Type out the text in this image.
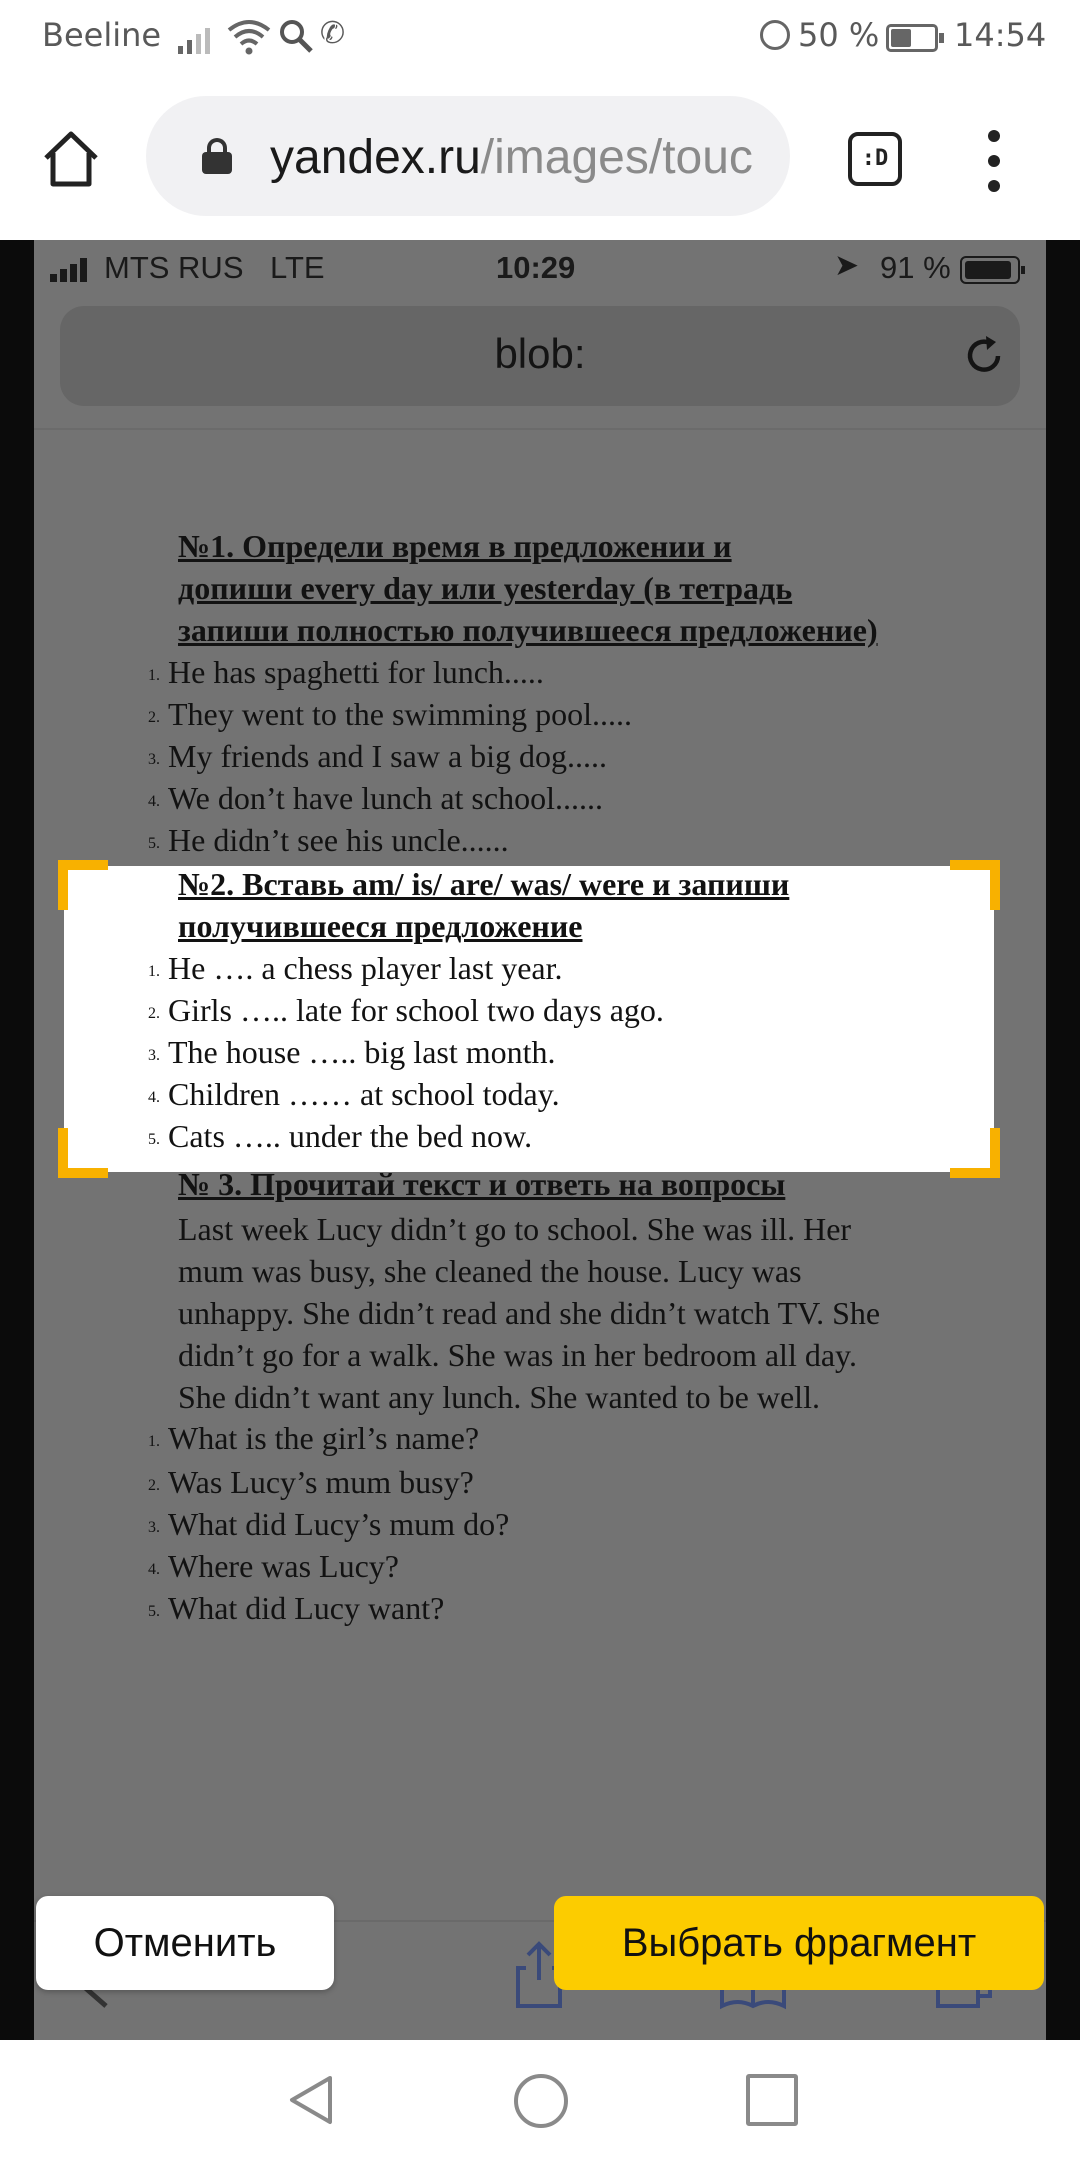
Beeline	✆	50 % 14:54
yandex.ru/images/touc	:D
MTS RUS LTE	10:29	➤ 91 %
blob:
№1. Определи время в предложении и
допиши every day или yesterday (в тетрадь
запиши полностью получившееся предложение)
1. He has spaghetti for lunch.....
2. They went to the swimming pool.....
3. My friends and I saw a big dog.....
4. We don’t have lunch at school......
5. He didn’t see his uncle......
№2. Вставь am/ is/ are/ was/ were и запиши
получившееся предложение
1. He …. a chess player last year.
2. Girls ….. late for school two days ago.
3. The house ….. big last month.
4. Children …… at school today.
5. Cats ….. under the bed now.
№ 3. Прочитай текст и ответь на вопросы
Last week Lucy didn’t go to school. She was ill. Her
mum was busy, she cleaned the house. Lucy was
unhappy. She didn’t read and she didn’t watch TV. She
didn’t go for a walk. She was in her bedroom all day.
She didn’t want any lunch. She wanted to be well.
1. What is the girl’s name?
2. Was Lucy’s mum busy?
3. What did Lucy’s mum do?
4. Where was Lucy?
5. What did Lucy want?
Отменить	Выбрать фрагмент
